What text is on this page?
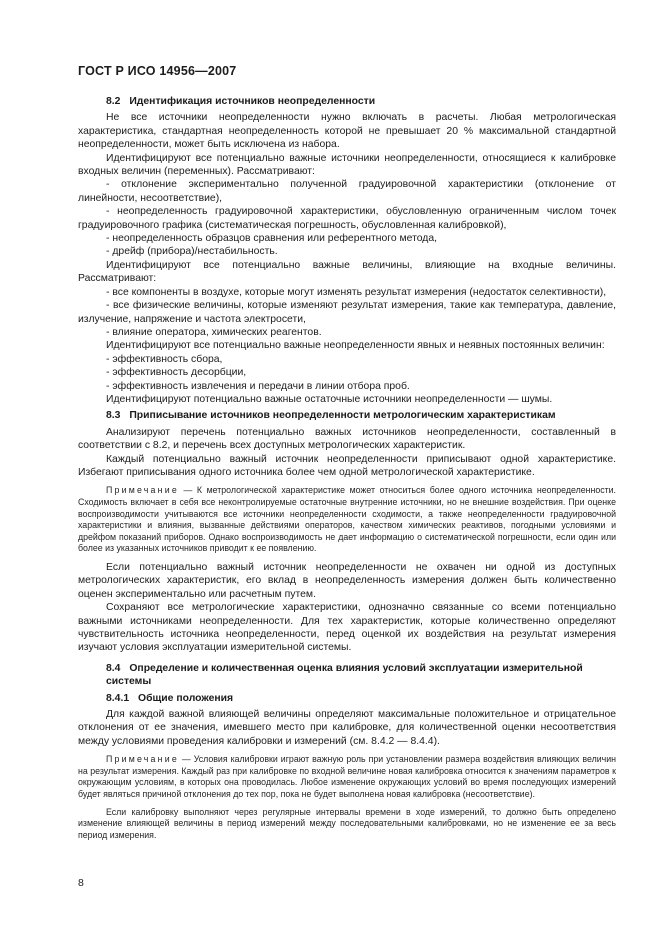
ГОСТ Р ИСО 14956—2007

8.2 Идентификация источников неопределенности

Не все источники неопределенности нужно включать в расчеты. Любая метрологическая характеристика, стандартная неопределенность которой не превышает 20 % максимальной стандартной неопределенности, может быть исключена из набора.

Идентифицируют все потенциально важные источники неопределенности, относящиеся к калибровке входных величин (переменных). Рассматривают:

- отклонение экспериментально полученной градуировочной характеристики (отклонение от линейности, несоответствие),

- неопределенность градуировочной характеристики, обусловленную ограниченным числом точек градуировочного графика (систематическая погрешность, обусловленная калибровкой),

- неопределенность образцов сравнения или референтного метода,

- дрейф (прибора)/нестабильность.

Идентифицируют все потенциально важные величины, влияющие на входные величины. Рассматривают:

- все компоненты в воздухе, которые могут изменять результат измерения (недостаток селективности),

- все физические величины, которые изменяют результат измерения, такие как температура, давление, излучение, напряжение и частота электросети,

- влияние оператора, химических реагентов.

Идентифицируют все потенциально важные неопределенности явных и неявных постоянных величин:

- эффективность сбора,

- эффективность десорбции,

- эффективность извлечения и передачи в линии отбора проб.

Идентифицируют потенциально важные остаточные источники неопределенности — шумы.

8.3 Приписывание источников неопределенности метрологическим характеристикам

Анализируют перечень потенциально важных источников неопределенности, составленный в соответствии с 8.2, и перечень всех доступных метрологических характеристик.

Каждый потенциально важный источник неопределенности приписывают одной характеристике. Избегают приписывания одного источника более чем одной метрологической характеристике.

Примечание — К метрологической характеристике может относиться более одного источника неопределенности. Сходимость включает в себя все неконтролируемые остаточные внутренние источники, но не внешние воздействия. При оценке воспроизводимости учитываются все источники неопределенности сходимости, а также неопределенности градуировочной характеристики и влияния, вызванные действиями операторов, качеством химических реактивов, погодными условиями и дрейфом показаний приборов. Однако воспроизводимость не дает информацию о систематической погрешности, если один или более из указанных источников приводит к ее появлению.

Если потенциально важный источник неопределенности не охвачен ни одной из доступных метрологических характеристик, его вклад в неопределенность измерения должен быть количественно оценен экспериментально или расчетным путем.

Сохраняют все метрологические характеристики, однозначно связанные со всеми потенциально важными источниками неопределенности. Для тех характеристик, которые количественно определяют чувствительность источника неопределенности, перед оценкой их воздействия на результат измерения изучают условия эксплуатации измерительной системы.

8.4 Определение и количественная оценка влияния условий эксплуатации измерительной системы

8.4.1 Общие положения

Для каждой важной влияющей величины определяют максимальные положительное и отрицательное отклонения от ее значения, имевшего место при калибровке, для количественной оценки несоответствия между условиями проведения калибровки и измерений (см. 8.4.2 — 8.4.4).

Примечание — Условия калибровки играют важную роль при установлении размера воздействия влияющих величин на результат измерения. Каждый раз при калибровке по входной величине новая калибровка относится к значениям параметров к окружающим условиям, в которых она проводилась. Любое изменение окружающих условий во время последующих измерений будет являться причиной отклонения до тех пор, пока не будет выполнена новая калибровка (несоответствие).

Если калибровку выполняют через регулярные интервалы времени в ходе измерений, то должно быть определено изменение влияющей величины в период измерений между последовательными калибровками, но не изменение ее за весь период измерения.

8
